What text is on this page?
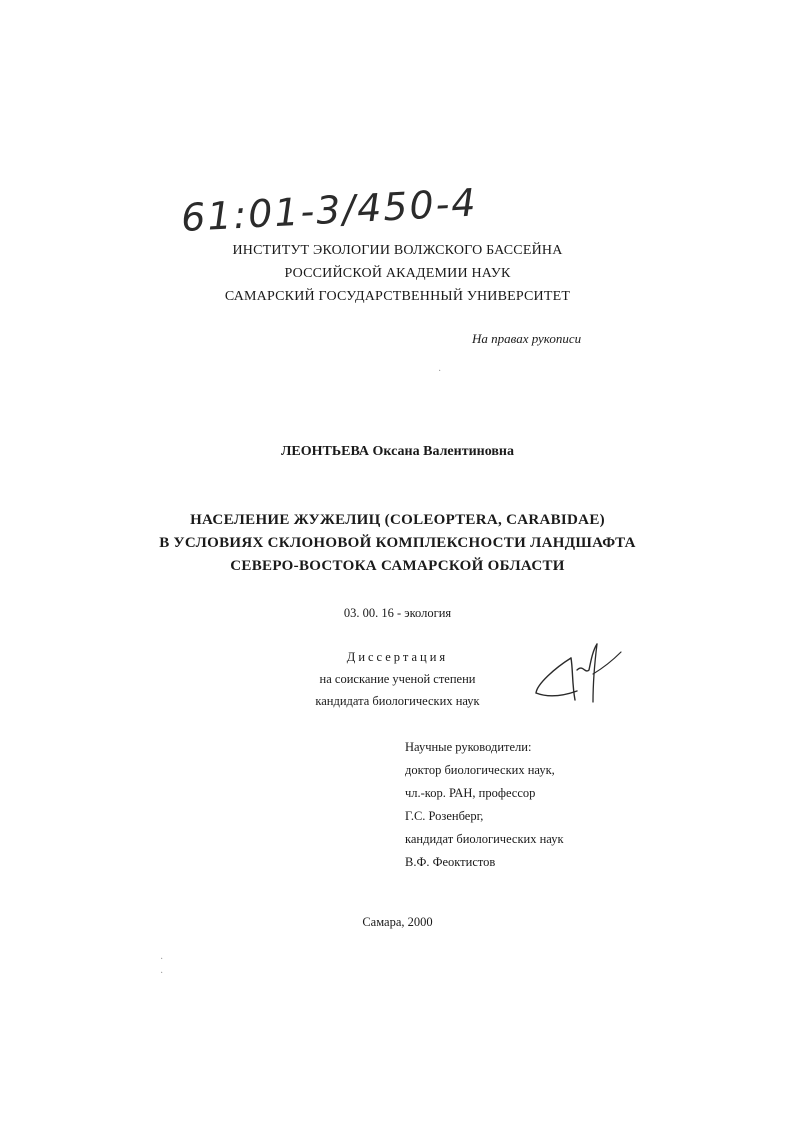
61:01-3/450-4
ИНСТИТУТ ЭКОЛОГИИ ВОЛЖСКОГО БАССЕЙНА
РОССИЙСКОЙ АКАДЕМИИ НАУК
САМАРСКИЙ ГОСУДАРСТВЕННЫЙ УНИВЕРСИТЕТ
На правах рукописи
·
ЛЕОНТЬЕВА Оксана Валентиновна
НАСЕЛЕНИЕ ЖУЖЕЛИЦ (COLEOPTERA, CARABIDAE)
В УСЛОВИЯХ СКЛОНОВОЙ КОМПЛЕКСНОСТИ ЛАНДШАФТА
СЕВЕРО-ВОСТОКА САМАРСКОЙ ОБЛАСТИ
03. 00. 16 - экология
Диссертация
на соискание ученой степени
кандидата биологических наук
Научные руководители:
доктор биологических наук,
чл.-кор. РАН, профессор
Г.С. Розенберг,
кандидат биологических наук
В.Ф. Феоктистов
Самара, 2000
·
·
